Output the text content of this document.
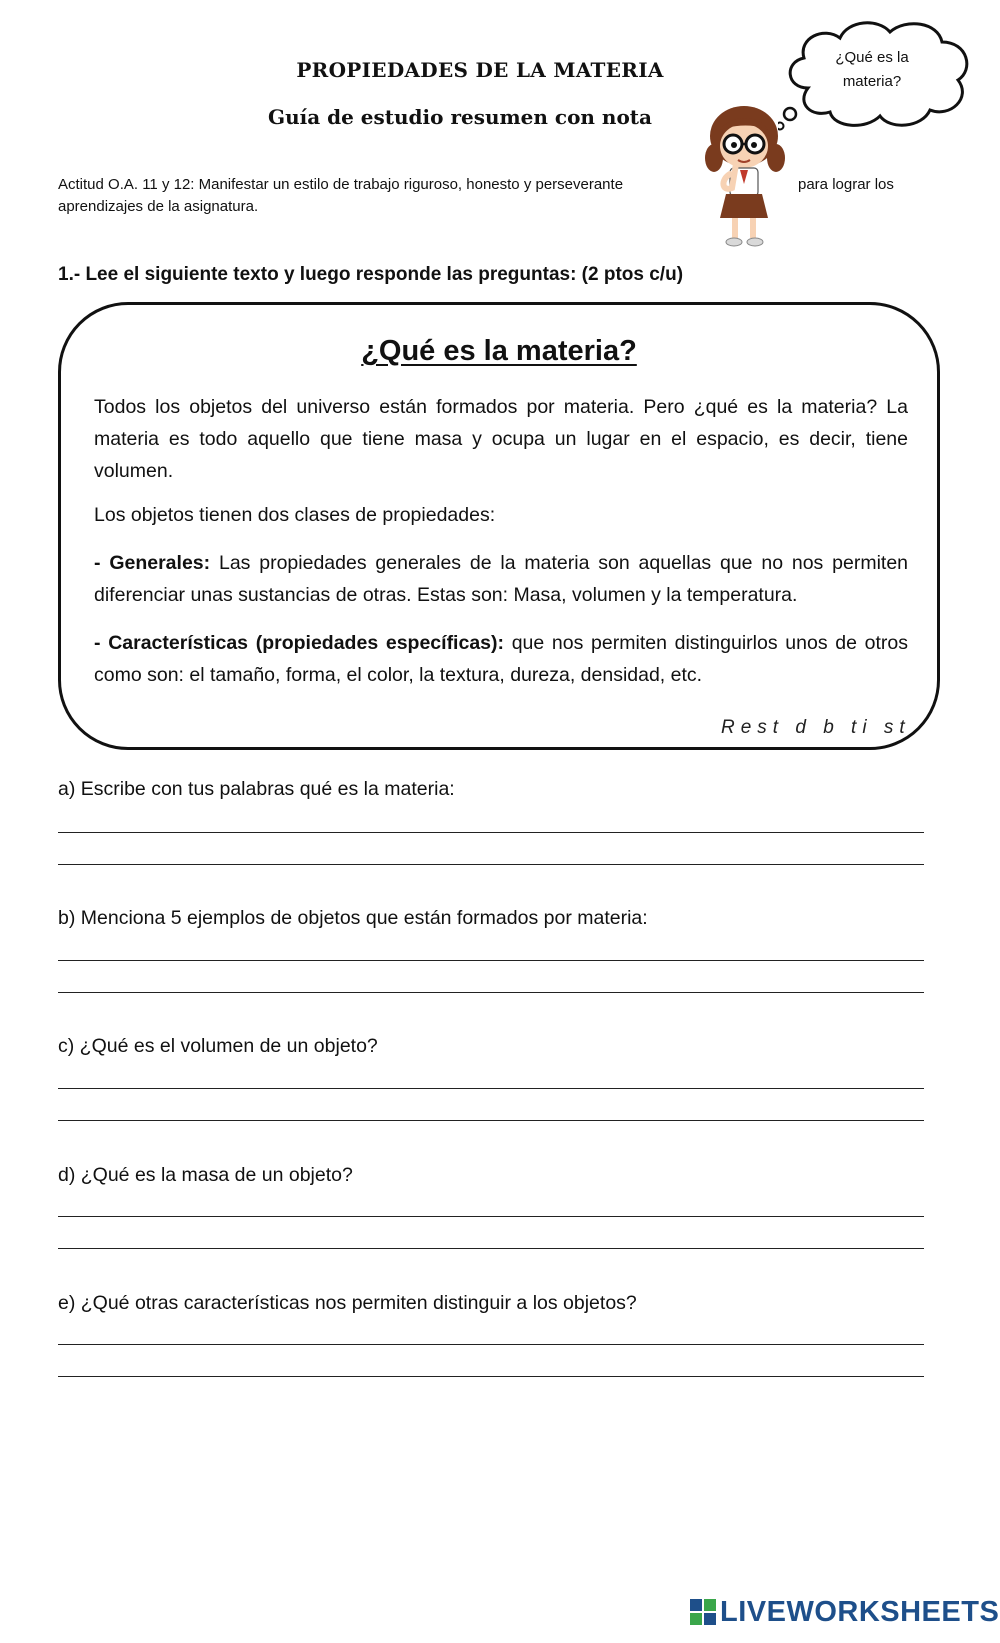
PROPIEDADES DE LA MATERIA
Guía de estudio resumen con nota
Actitud O.A. 11 y 12: Manifestar un estilo de trabajo riguroso, honesto y perseverante	para lograr los
aprendizajes de la asignatura.
¿Qué es la
materia?
1.- Lee el siguiente texto y luego responde las preguntas: (2 ptos c/u)
¿Qué es la materia?
Todos los objetos del universo están formados por materia. Pero ¿qué es la materia? La materia es todo aquello que tiene masa y ocupa un lugar en el espacio, es decir, tiene volumen.
Los objetos tienen dos clases de propiedades:
- Generales: Las propiedades generales de la materia son aquellas que no nos permiten diferenciar unas sustancias de otras. Estas son: Masa, volumen y la temperatura.
- Características (propiedades específicas): que nos permiten distinguirlos unos de otros como son: el tamaño, forma, el color, la textura, dureza, densidad, etc.
Rest d b ti st
a) Escribe con tus palabras qué es la materia:
b) Menciona 5 ejemplos de objetos que están formados por materia:
c) ¿Qué es el volumen de un objeto?
d) ¿Qué es la masa de un objeto?
e) ¿Qué otras características nos permiten distinguir a los objetos?
LIVEWORKSHEETS
